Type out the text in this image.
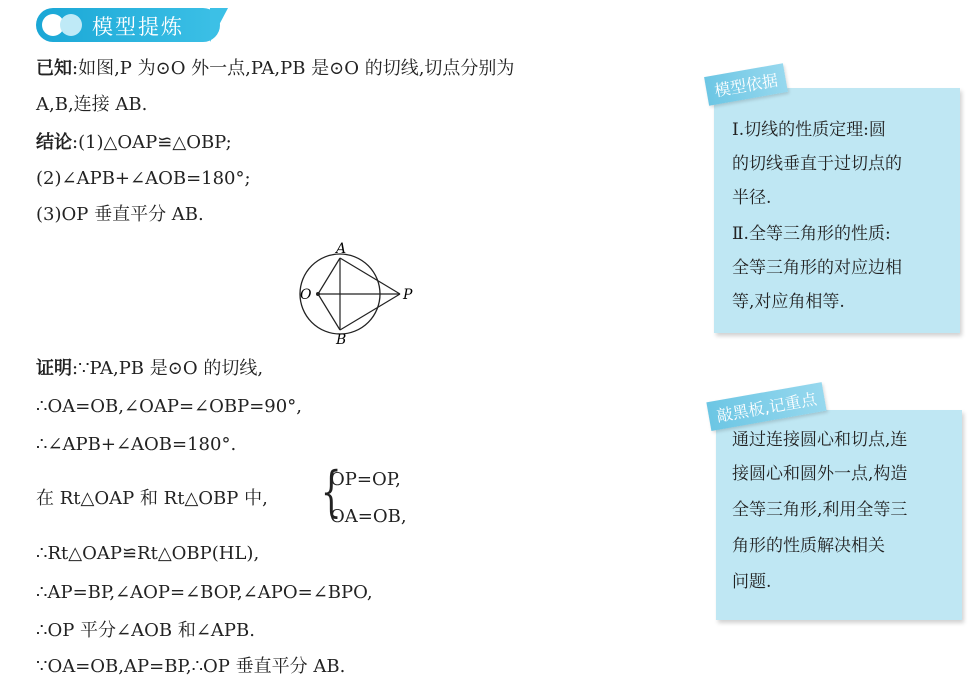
模型提炼
已知:如图,P 为⊙O 外一点,PA,PB 是⊙O 的切线,切点分别为
A,B,连接 AB.
结论:(1)△OAP≌△OBP;
(2)∠APB+∠AOB=180°;
(3)OP 垂直平分 AB.
A
B
O	P
证明:∵PA,PB 是⊙O 的切线,
∴OA=OB,∠OAP=∠OBP=90°,
∴∠APB+∠AOB=180°.
在 Rt△OAP 和 Rt△OBP 中, {
OP=OP,
OA=OB,
∴Rt△OAP≌Rt△OBP(HL),
∴AP=BP,∠AOP=∠BOP,∠APO=∠BPO,
∴OP 平分∠AOB 和∠APB.
∵OA=OB,AP=BP,∴OP 垂直平分 AB.
模型依据
Ⅰ.切线的性质定理:圆
的切线垂直于过切点的
半径.
Ⅱ.全等三角形的性质:
全等三角形的对应边相
等,对应角相等.
敲黑板,记重点
通过连接圆心和切点,连
接圆心和圆外一点,构造
全等三角形,利用全等三
角形的性质解决相关
问题.
